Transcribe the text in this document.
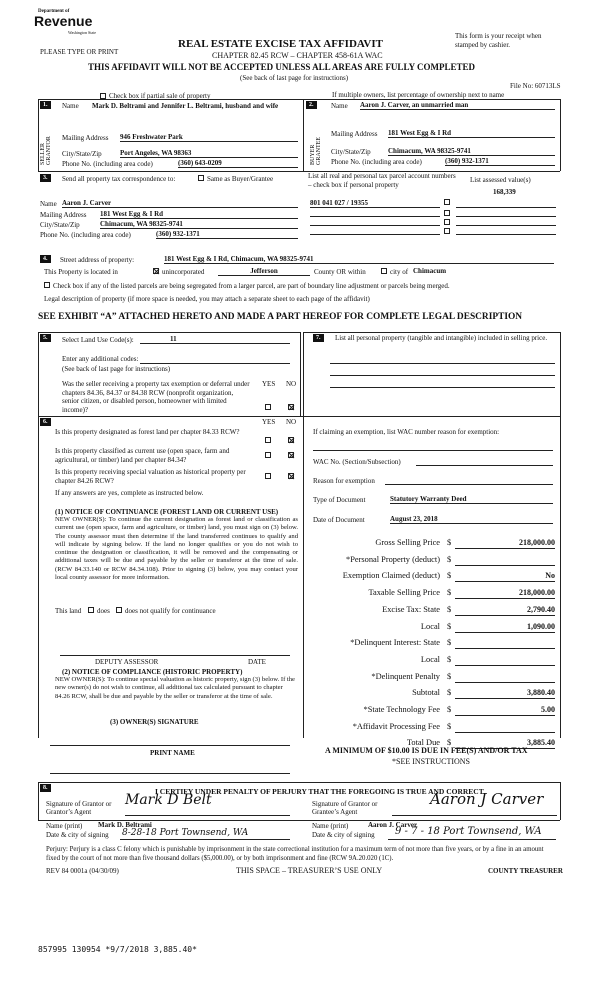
Department of
Revenue
Washington State
PLEASE TYPE OR PRINT
REAL ESTATE EXCISE TAX AFFIDAVIT
CHAPTER 82.45 RCW – CHAPTER 458-61A WAC
THIS AFFIDAVIT WILL NOT BE ACCEPTED UNLESS ALL AREAS ARE FULLY COMPLETED
(See back of last page for instructions)
This form is your receipt when stamped by cashier.
File No: 60713LS
Check box if partial sale of property	If multiple owners, list percentage of ownership next to name
1.
SELLER GRANTOR
Name Mark D. Beltrami and Jennifer L. Beltrami, husband and wife
Mailing Address 946 Freshwater Park
City/State/Zip	Port Angeles, WA 98363
Phone No. (including area code)	(360) 643-0209
2.
BUYER GRANTEE
Name Aaron J. Carver, an unmarried man
Mailing Address 181 West Egg & I Rd
City/State/Zip Chimacum, WA 98325-9741
Phone No. (including area code)	(360) 932-1371
3.	Send all property tax correspondence to:	Same as Buyer/Grantee	List all real and personal tax parcel account numbers – check box if personal property
List assessed value(s)
168,339
801 041 027 / 19355
Name Aaron J. Carver
Mailing Address 181 West Egg & I Rd
City/State/Zip	Chimacum, WA 98325-9741
Phone No. (including area code)	(360) 932-1371
4.	Street address of property:	181 West Egg & I Rd, Chimacum, WA 98325-9741
This Property is located in	unincorporated	Jefferson	County OR within	city of Chimacum
Check box if any of the listed parcels are being segregated from a larger parcel, are part of boundary line adjustment or parcels being merged.
Legal description of property (if more space is needed, you may attach a separate sheet to each page of the affidavit)
SEE EXHIBIT “A” ATTACHED HERETO AND MADE A PART HEREOF FOR COMPLETE LEGAL DESCRIPTION
5.	Select Land Use Code(s):	11
Enter any additional codes:
(See back of last page for instructions)
YES NO
Was the seller receiving a property tax exemption or deferral under chapters 84.36, 84.37 or 84.38 RCW (nonprofit organization, senior citizen, or disabled person, homeowner with limited income)?
7.	List all personal property (tangible and intangible) included in selling price.
6.	YES NO
Is this property designated as forest land per chapter 84.33 RCW?
Is this property classified as current use (open space, farm and agricultural, or timber) land per chapter 84.34?
Is this property receiving special valuation as historical property per chapter 84.26 RCW?
If any answers are yes, complete as instructed below.
(1) NOTICE OF CONTINUANCE (FOREST LAND OR CURRENT USE)
NEW OWNER(S): To continue the current designation as forest land or classification as current use (open space, farm and agriculture, or timber) land, you must sign on (3) below. The county assessor must then determine if the land transferred continues to qualify and will indicate by signing below. If the land no longer qualifies or you do not wish to continue the designation or classification, it will be removed and the compensating or additional taxes will be due and payable by the seller or transferor at the time of sale. (RCW 84.33.140 or RCW 84.34.108). Prior to signing (3) below, you may contact your local county assessor for more information.
This land does does not qualify for continuance
DEPUTY ASSESSOR	DATE
(2) NOTICE OF COMPLIANCE (HISTORIC PROPERTY)
NEW OWNER(S): To continue special valuation as historic property, sign (3) below. If the new owner(s) do not wish to continue, all additional tax calculated pursuant to chapter 84.26 RCW, shall be due and payable by the seller or transferor at the time of sale.
(3) OWNER(S) SIGNATURE
PRINT NAME
If claiming an exemption, list WAC number reason for exemption:
WAC No. (Section/Subsection)
Reason for exemption
Type of Document	Statutory Warranty Deed
Date of Document	August 23, 2018
Gross Selling Price $	218,000.00
*Personal Property (deduct) $
Exemption Claimed (deduct) $	No
Taxable Selling Price $	218,000.00
Excise Tax: State $	2,790.40
Local $	1,090.00
*Delinquent Interest: State $
Local $
*Delinquent Penalty $
Subtotal $	3,880.40
*State Technology Fee $	5.00
*Affidavit Processing Fee $
Total Due $	3,885.40
A MINIMUM OF $10.00 IS DUE IN FEE(S) AND/OR TAX
*SEE INSTRUCTIONS
8.	I CERTIFY UNDER PENALTY OF PERJURY THAT THE FOREGOING IS TRUE AND CORRECT
Signature of Grantor or Grantor’s Agent
Mark D Belt
Name (print) Mark D. Beltrami
Date & city of signing 8-28-18 Port Townsend, WA
Signature of Grantor or Grantee’s Agent
Aaron J Carver
Name (print)	Aaron J. Carver
Date & city of signing 9 - 7 - 18 Port Townsend, WA
Perjury: Perjury is a class C felony which is punishable by imprisonment in the state correctional institution for a maximum term of not more than five years, or by a fine in an amount fixed by the court of not more than five thousand dollars ($5,000.00), or by both imprisonment and fine (RCW 9A.20.020 (1C).
REV 84 0001a (04/30/09)	THIS SPACE – TREASURER’S USE ONLY	COUNTY TREASURER
857995 130954 *9/7/2018 3,885.40*
